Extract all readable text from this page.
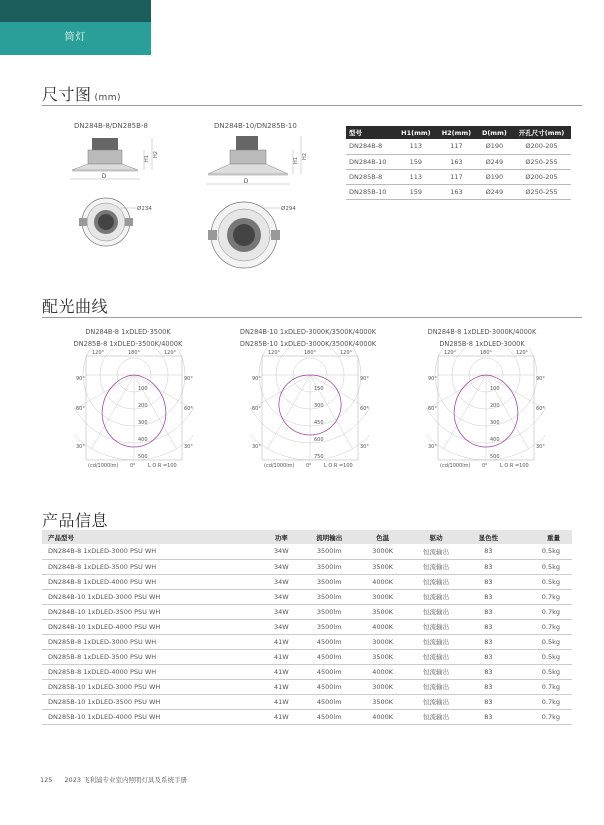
筒灯
尺寸图 (mm)
DN284B-8/DN285B-8	DN284B-10/DN285B-10
D
H1
H2
Ø234
D
H1
H2
Ø294
型号	H1(mm)	H2(mm)	D(mm)	开孔尺寸(mm)
DN284B-8	113	117	Ø190	Ø200-205
DN284B-10	159	163	Ø249	Ø250-255
DN285B-8	113	117	Ø190	Ø200-205
DN285B-10	159	163	Ø249	Ø250-255
配光曲线
DN284B-8 1xDLED-3500K
DN285B-8 1xDLED-3500K/4000K
120°	180°	120°
90°	90°
60°	60°
30°	30°
100
200
300
400
500
(cd/1000lm) 0° L O R =100
DN284B-10 1xDLED-3000K/3500K/4000K
DN285B-10 1xDLED-3000K/3500K/4000K
120°	180°	120°
90°	90°
60°	60°
30°	30°
150
300
450
600
750
(cd/1000lm) 0° L O R =100
DN284B-8 1xDLED-3000K/4000K
DN285B-8 1xDLED-3000K
120°	180°	120°
90°	90°
60°	60°
30°	30°
100
200
300
400
500
(cd/1000lm) 0° L O R =100
产品信息
产品型号	功率	流明输出	色温	驱动	显色性	重量
DN284B-8 1xDLED-3000 PSU WH	34W	3500lm	3000K	恒流输出	83	0.5kg
DN284B-8 1xDLED-3500 PSU WH	34W	3500lm	3500K	恒流输出	83	0.5kg
DN284B-8 1xDLED-4000 PSU WH	34W	3500lm	4000K	恒流输出	83	0.5kg
DN284B-10 1xDLED-3000 PSU WH	34W	3500lm	3000K	恒流输出	83	0.7kg
DN284B-10 1xDLED-3500 PSU WH	34W	3500lm	3500K	恒流输出	83	0.7kg
DN284B-10 1xDLED-4000 PSU WH	34W	3500lm	4000K	恒流输出	83	0.7kg
DN285B-8 1xDLED-3000 PSU WH	41W	4500lm	3000K	恒流输出	83	0.5kg
DN285B-8 1xDLED-3500 PSU WH	41W	4500lm	3500K	恒流输出	83	0.5kg
DN285B-8 1xDLED-4000 PSU WH	41W	4500lm	4000K	恒流输出	83	0.5kg
DN285B-10 1xDLED-3000 PSU WH	41W	4500lm	3000K	恒流输出	83	0.7kg
DN285B-10 1xDLED-3500 PSU WH	41W	4500lm	3500K	恒流输出	83	0.7kg
DN285B-10 1xDLED-4000 PSU WH	41W	4500lm	4000K	恒流输出	83	0.7kg
125 2023 飞利浦专业室内照明灯具及系统手册
